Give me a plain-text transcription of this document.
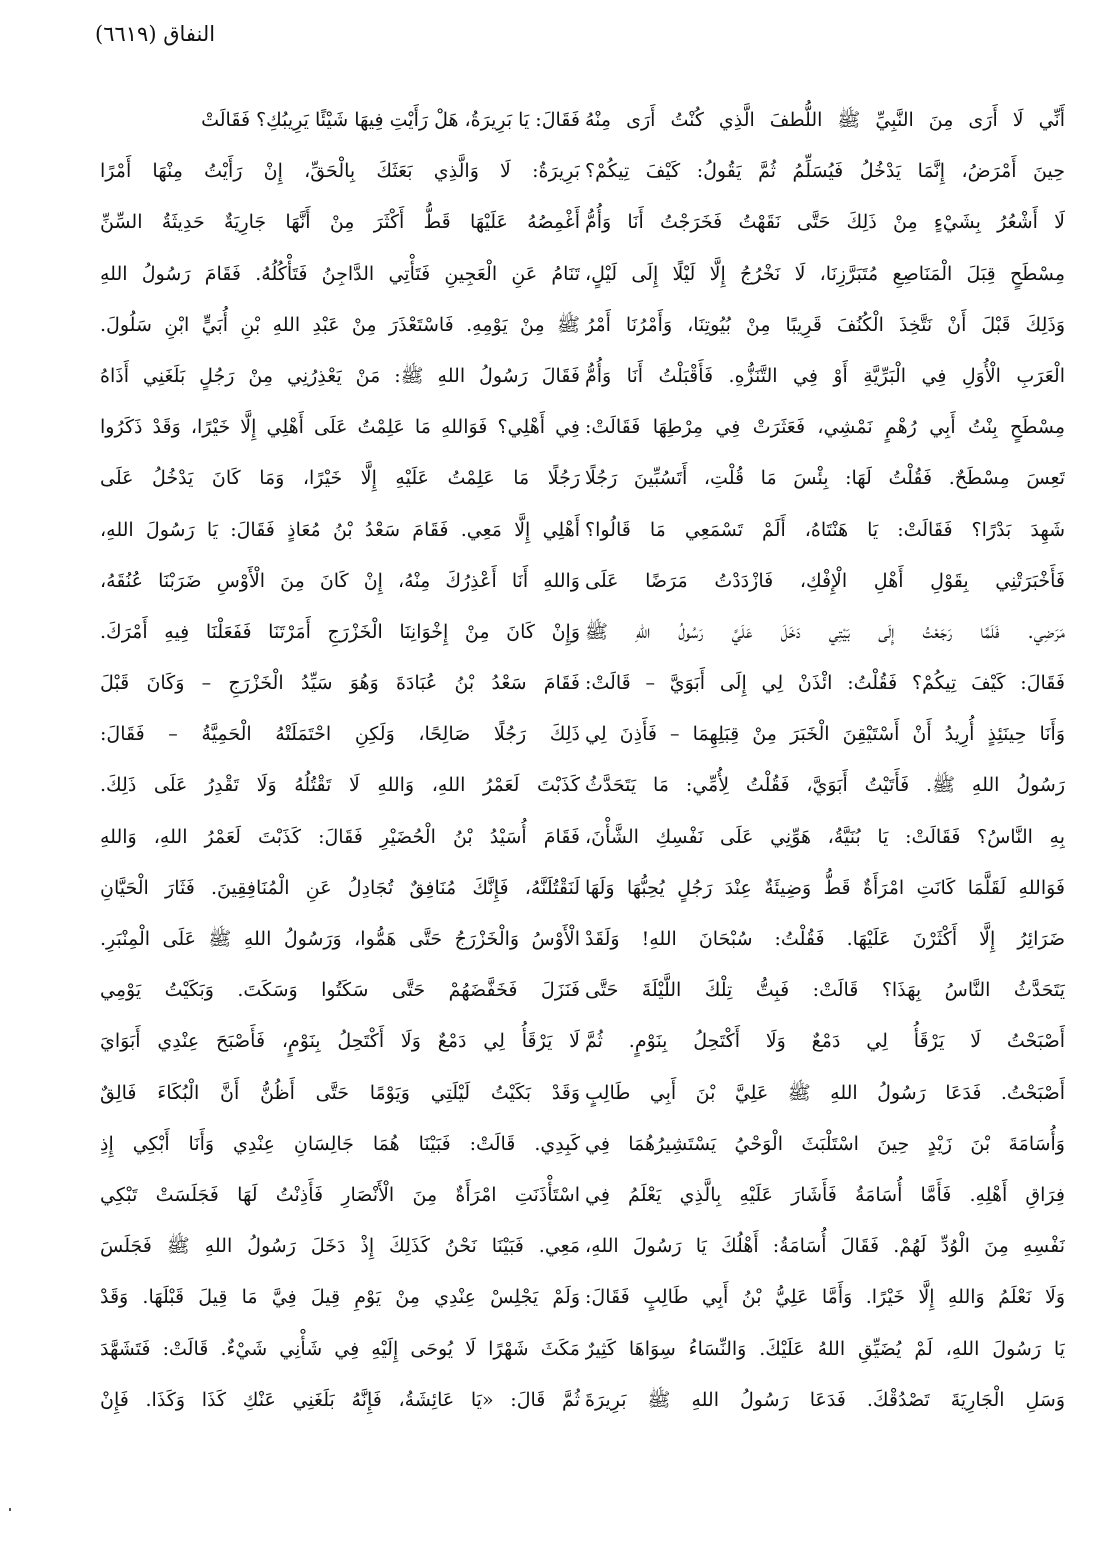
النفاق (٦٦١٩)
أَنِّي لَا أَرَى مِنَ النَّبِيِّ ﷺ اللُّطفَ الَّذِي كُنْتُ أَرَى مِنْهُ
حِينَ أَمْرَضُ، إِنَّمَا يَدْخُلُ فَيُسَلِّمُ ثُمَّ يَقُولُ: كَيْفَ تِيكُمْ؟
لَا أَشْعُرُ بِشَيْءٍ مِنْ ذَلِكَ حَتَّى نَقَهْتُ فَخَرَجْتُ أَنَا وَأُمُّ
مِسْطَحٍ قِبَلَ الْمَنَاصِعِ مُتَبَرَّزِنَا، لَا نَخْرُجُ إِلَّا لَيْلًا إِلَى لَيْلٍ،
وَذَلِكَ قَبْلَ أَنْ نَتَّخِذَ الْكُنُفَ قَرِيبًا مِنْ بُيُوتِنَا، وَأَمْرُنَا أَمْرُ
الْعَرَبِ الْأُوَلِ فِي الْبَرِّيَّةِ أَوْ فِي التَّنَزُّهِ. فَأَقْبَلْتُ أَنَا وَأُمُّ
مِسْطَحٍ بِنْتُ أَبِي رُهْمٍ نَمْشِي، فَعَثَرَتْ فِي مِرْطِهَا فَقَالَتْ:
تَعِسَ مِسْطَحٌ. فَقُلْتُ لَهَا: بِئْسَ مَا قُلْتِ، أَتَسُبِّينَ رَجُلًا
شَهِدَ بَدْرًا؟ فَقَالَتْ: يَا هَنْتَاهُ، أَلَمْ تَسْمَعِي مَا قَالُوا؟
فَأَخْبَرَتْنِي بِقَوْلِ أَهْلِ الْإِفْكِ، فَازْدَدْتُ مَرَضًا عَلَى
مَرَضِي. فَلَمَّا رَجَعْتُ إِلَى بَيْتِي دَخَلَ عَلَيَّ رَسُولُ اللهِ ﷺ
فَقَالَ: كَيْفَ تِيكُمْ؟ فَقُلْتُ: ائْذَنْ لِي إِلَى أَبَوَيَّ – قَالَتْ:
وَأَنَا حِينَئِذٍ أُرِيدُ أَنْ أَسْتَيْقِنَ الْخَبَرَ مِنْ قِبَلِهِمَا – فَأَذِنَ لِي
رَسُولُ اللهِ ﷺ. فَأَتَيْتُ أَبَوَيَّ، فَقُلْتُ لِأُمِّي: مَا يَتَحَدَّثُ
بِهِ النَّاسُ؟ فَقَالَتْ: يَا بُنَيَّةُ، هَوِّنِي عَلَى نَفْسِكِ الشَّأْنَ،
فَوَاللهِ لَقَلَّمَا كَانَتِ امْرَأَةٌ قَطُّ وَضِيئَةٌ عِنْدَ رَجُلٍ يُحِبُّهَا وَلَهَا
ضَرَائِرُ إِلَّا أَكْثَرْنَ عَلَيْهَا. فَقُلْتُ: سُبْحَانَ اللهِ! وَلَقَدْ
يَتَحَدَّثُ النَّاسُ بِهَذَا؟ قَالَتْ: فَبِتُّ تِلْكَ اللَّيْلَةَ حَتَّى
أَصْبَحْتُ لَا يَرْقَأُ لِي دَمْعٌ وَلَا أَكْتَحِلُ بِنَوْمٍ. ثُمَّ
أَصْبَحْتُ. فَدَعَا رَسُولُ اللهِ ﷺ عَلِيَّ بْنَ أَبِي طَالِبٍ
وَأُسَامَةَ بْنَ زَيْدٍ حِينَ اسْتَلْبَثَ الْوَحْيُ يَسْتَشِيرُهُمَا فِي
فِرَاقِ أَهْلِهِ. فَأَمَّا أُسَامَةُ فَأَشَارَ عَلَيْهِ بِالَّذِي يَعْلَمُ فِي
نَفْسِهِ مِنَ الْوُدِّ لَهُمْ. فَقَالَ أُسَامَةُ: أَهْلُكَ يَا رَسُولَ اللهِ،
وَلَا نَعْلَمُ وَاللهِ إِلَّا خَيْرًا. وَأَمَّا عَلِيُّ بْنُ أَبِي طَالِبٍ فَقَالَ:
يَا رَسُولَ اللهِ، لَمْ يُضَيِّقِ اللهُ عَلَيْكَ. وَالنِّسَاءُ سِوَاهَا كَثِيرٌ
وَسَلِ الْجَارِيَةَ تَصْدُقْكَ. فَدَعَا رَسُولُ اللهِ ﷺ بَرِيرَةَ
فَقَالَ: يَا بَرِيرَةُ، هَلْ رَأَيْتِ فِيهَا شَيْئًا يَرِيبُكِ؟ فَقَالَتْ
بَرِيرَةُ: لَا وَالَّذِي بَعَثَكَ بِالْحَقِّ، إِنْ رَأَيْتُ مِنْهَا أَمْرًا
أَغْمِصُهُ عَلَيْهَا قَطُّ أَكْثَرَ مِنْ أَنَّهَا جَارِيَةٌ حَدِيثَةُ السِّنِّ
تَنَامُ عَنِ الْعَجِينِ فَتَأْتِي الدَّاجِنُ فَتَأْكُلُهُ. فَقَامَ رَسُولُ اللهِ
ﷺ مِنْ يَوْمِهِ. فَاسْتَعْذَرَ مِنْ عَبْدِ اللهِ بْنِ أُبَيٍّ ابْنِ سَلُولَ.
فَقَالَ رَسُولُ اللهِ ﷺ: مَنْ يَعْذِرُنِي مِنْ رَجُلٍ بَلَغَنِي أَذَاهُ
فِي أَهْلِي؟ فَوَاللهِ مَا عَلِمْتُ عَلَى أَهْلِي إِلَّا خَيْرًا، وَقَدْ ذَكَرُوا
رَجُلًا مَا عَلِمْتُ عَلَيْهِ إِلَّا خَيْرًا، وَمَا كَانَ يَدْخُلُ عَلَى
أَهْلِي إِلَّا مَعِي. فَقَامَ سَعْدُ بْنُ مُعَاذٍ فَقَالَ: يَا رَسُولَ اللهِ،
وَاللهِ أَنَا أَعْذِرُكَ مِنْهُ، إِنْ كَانَ مِنَ الْأَوْسِ ضَرَبْنَا عُنُقَهُ،
وَإِنْ كَانَ مِنْ إِخْوَانِنَا الْخَزْرَجِ أَمَرْتَنَا فَفَعَلْنَا فِيهِ أَمْرَكَ.
فَقَامَ سَعْدُ بْنُ عُبَادَةَ وَهُوَ سَيِّدُ الْخَزْرَجِ – وَكَانَ قَبْلَ
ذَلِكَ رَجُلًا صَالِحًا، وَلَكِنِ احْتَمَلَتْهُ الْحَمِيَّةُ – فَقَالَ:
كَذَبْتَ لَعَمْرُ اللهِ، وَاللهِ لَا تَقْتُلُهُ وَلَا تَقْدِرُ عَلَى ذَلِكَ.
فَقَامَ أُسَيْدُ بْنُ الْحُضَيْرِ فَقَالَ: كَذَبْتَ لَعَمْرُ اللهِ، وَاللهِ
لَنَقْتُلَنَّهُ، فَإِنَّكَ مُنَافِقٌ تُجَادِلُ عَنِ الْمُنَافِقِينَ. فَثَارَ الْحَيَّانِ
الْأَوْسُ وَالْخَزْرَجُ حَتَّى هَمُّوا، وَرَسُولُ اللهِ ﷺ عَلَى الْمِنْبَرِ.
فَنَزَلَ فَخَفَّضَهُمْ حَتَّى سَكَتُوا وَسَكَتَ. وَبَكَيْتُ يَوْمِي
لَا يَرْقَأُ لِي دَمْعٌ وَلَا أَكْتَحِلُ بِنَوْمٍ، فَأَصْبَحَ عِنْدِي أَبَوَايَ
وَقَدْ بَكَيْتُ لَيْلَتِي وَيَوْمًا حَتَّى أَظُنُّ أَنَّ الْبُكَاءَ فَالِقٌ
كَبِدِي. قَالَتْ: فَبَيْنَا هُمَا جَالِسَانِ عِنْدِي وَأَنَا أَبْكِي إِذِ
اسْتَأْذَنَتِ امْرَأَةٌ مِنَ الْأَنْصَارِ فَأَذِنْتُ لَهَا فَجَلَسَتْ تَبْكِي
مَعِي. فَبَيْنَا نَحْنُ كَذَلِكَ إِذْ دَخَلَ رَسُولُ اللهِ ﷺ فَجَلَسَ
وَلَمْ يَجْلِسْ عِنْدِي مِنْ يَوْمِ قِيلَ فِيَّ مَا قِيلَ قَبْلَهَا. وَقَدْ
مَكَثَ شَهْرًا لَا يُوحَى إِلَيْهِ فِي شَأْنِي شَيْءٌ. قَالَتْ: فَتَشَهَّدَ
ثُمَّ قَالَ: «يَا عَائِشَةُ، فَإِنَّهُ بَلَغَنِي عَنْكِ كَذَا وَكَذَا. فَإِنْ
